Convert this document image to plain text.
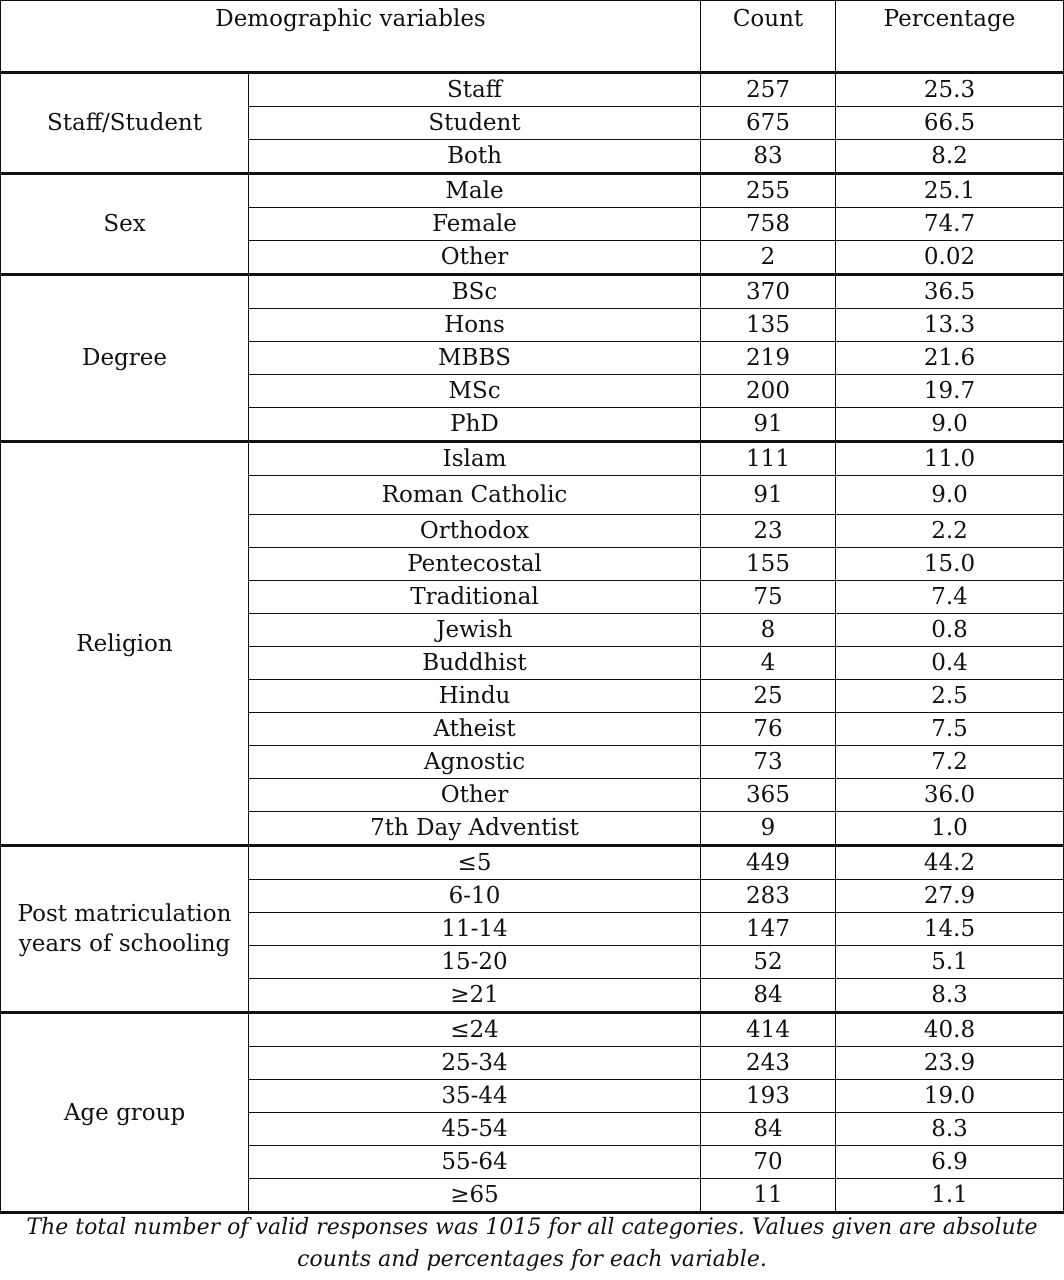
Demographic variables		Count	Percentage
Staff/Student	Staff	257	25.3
	Student	675	66.5
	Both	83	8.2
Sex	Male	255	25.1
	Female	758	74.7
	Other	2	0.02
Degree	BSc	370	36.5
	Hons	135	13.3
	MBBS	219	21.6
	MSc	200	19.7
	PhD	91	9.0
Religion	Islam	111	11.0
	Roman Catholic	91	9.0
	Orthodox	23	2.2
	Pentecostal	155	15.0
	Traditional	75	7.4
	Jewish	8	0.8
	Buddhist	4	0.4
	Hindu	25	2.5
	Atheist	76	7.5
	Agnostic	73	7.2
	Other	365	36.0
	7th Day Adventist	9	1.0
Post matriculation years of schooling	≤5	449	44.2
	6-10	283	27.9
	11-14	147	14.5
	15-20	52	5.1
	≥21	84	8.3
Age group	≤24	414	40.8
	25-34	243	23.9
	35-44	193	19.0
	45-54	84	8.3
	55-64	70	6.9
	≥65	11	1.1
The total number of valid responses was 1015 for all categories. Values given are absolute counts and percentages for each variable.
